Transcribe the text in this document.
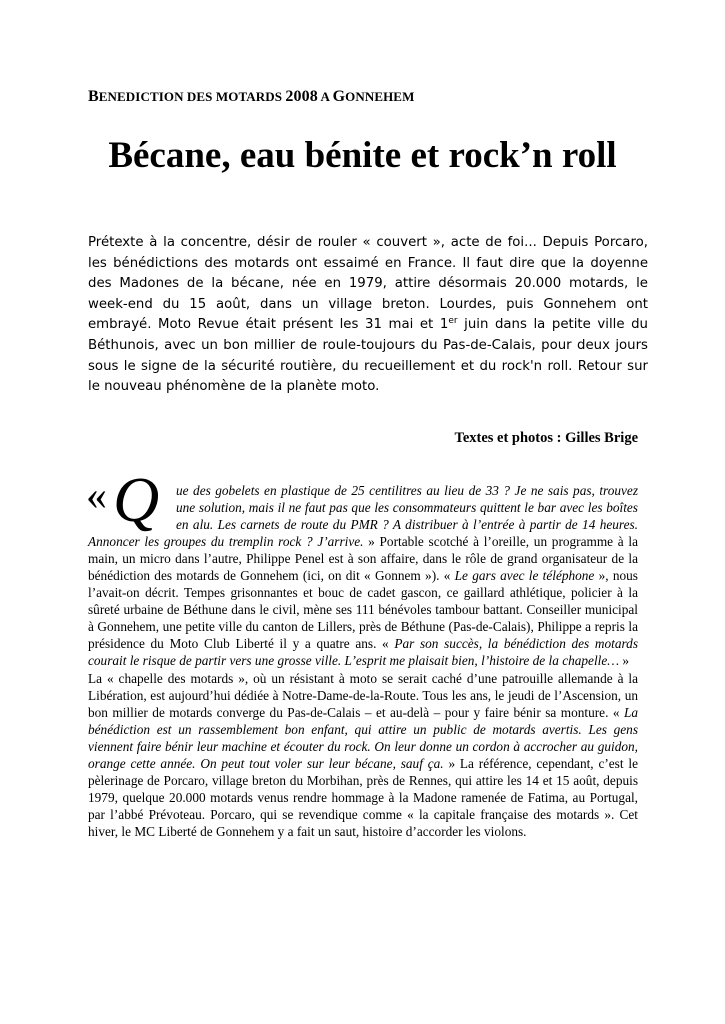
BENEDICTION DES MOTARDS 2008 A GONNEHEM
Bécane, eau bénite et rock’n roll

Prétexte à la concentre, désir de rouler « couvert », acte de foi... Depuis Porcaro, les bénédictions des motards ont essaimé en France. Il faut dire que la doyenne des Madones de la bécane, née en 1979, attire désormais 20.000 motards, le week-end du 15 août, dans un village breton. Lourdes, puis Gonnehem ont embrayé. Moto Revue était présent les 31 mai et 1er juin dans la petite ville du Béthunois, avec un bon millier de roule-toujours du Pas-de-Calais, pour deux jours sous le signe de la sécurité routière, du recueillement et du rock'n roll. Retour sur le nouveau phénomène de la planète moto.

Textes et photos : Gilles Brige
«Q	ue des gobelets en plastique de 25 centilitres au lieu de 33 ? Je ne sais pas, trouvez une solution, mais il ne faut pas que les consommateurs quittent le bar avec les boîtes en alu. Les carnets de route du PMR ? A distribuer à l’entrée à partir de 14 heures. Annoncer les groupes du tremplin rock ? J’arrive. » Portable scotché à l’oreille, un programme à la main, un micro dans l’autre, Philippe Penel est à son affaire, dans le rôle de grand organisateur de la bénédiction des motards de Gonnehem (ici, on dit « Gonnem »). « Le gars avec le téléphone », nous l’avait-on décrit. Tempes grisonnantes et bouc de cadet gascon, ce gaillard athlétique, policier à la sûreté urbaine de Béthune dans le civil, mène ses 111 bénévoles tambour battant. Conseiller municipal à Gonnehem, une petite ville du canton de Lillers, près de Béthune (Pas-de-Calais), Philippe a repris la présidence du Moto Club Liberté il y a quatre ans. « Par son succès, la bénédiction des motards courait le risque de partir vers une grosse ville. L’esprit me plaisait bien, l’histoire de la chapelle… »

La « chapelle des motards », où un résistant à moto se serait caché d’une patrouille allemande à la Libération, est aujourd’hui dédiée à Notre-Dame-de-la-Route. Tous les ans, le jeudi de l’Ascension, un bon millier de motards converge du Pas-de-Calais – et au-delà – pour y faire bénir sa monture. « La bénédiction est un rassemblement bon enfant, qui attire un public de motards avertis. Les gens viennent faire bénir leur machine et écouter du rock. On leur donne un cordon à accrocher au guidon, orange cette année. On peut tout voler sur leur bécane, sauf ça. » La référence, cependant, c’est le pèlerinage de Porcaro, village breton du Morbihan, près de Rennes, qui attire les 14 et 15 août, depuis 1979, quelque 20.000 motards venus rendre hommage à la Madone ramenée de Fatima, au Portugal, par l’abbé Prévoteau. Porcaro, qui se revendique comme « la capitale française des motards ». Cet hiver, le MC Liberté de Gonnehem y a fait un saut, histoire d’accorder les violons.
